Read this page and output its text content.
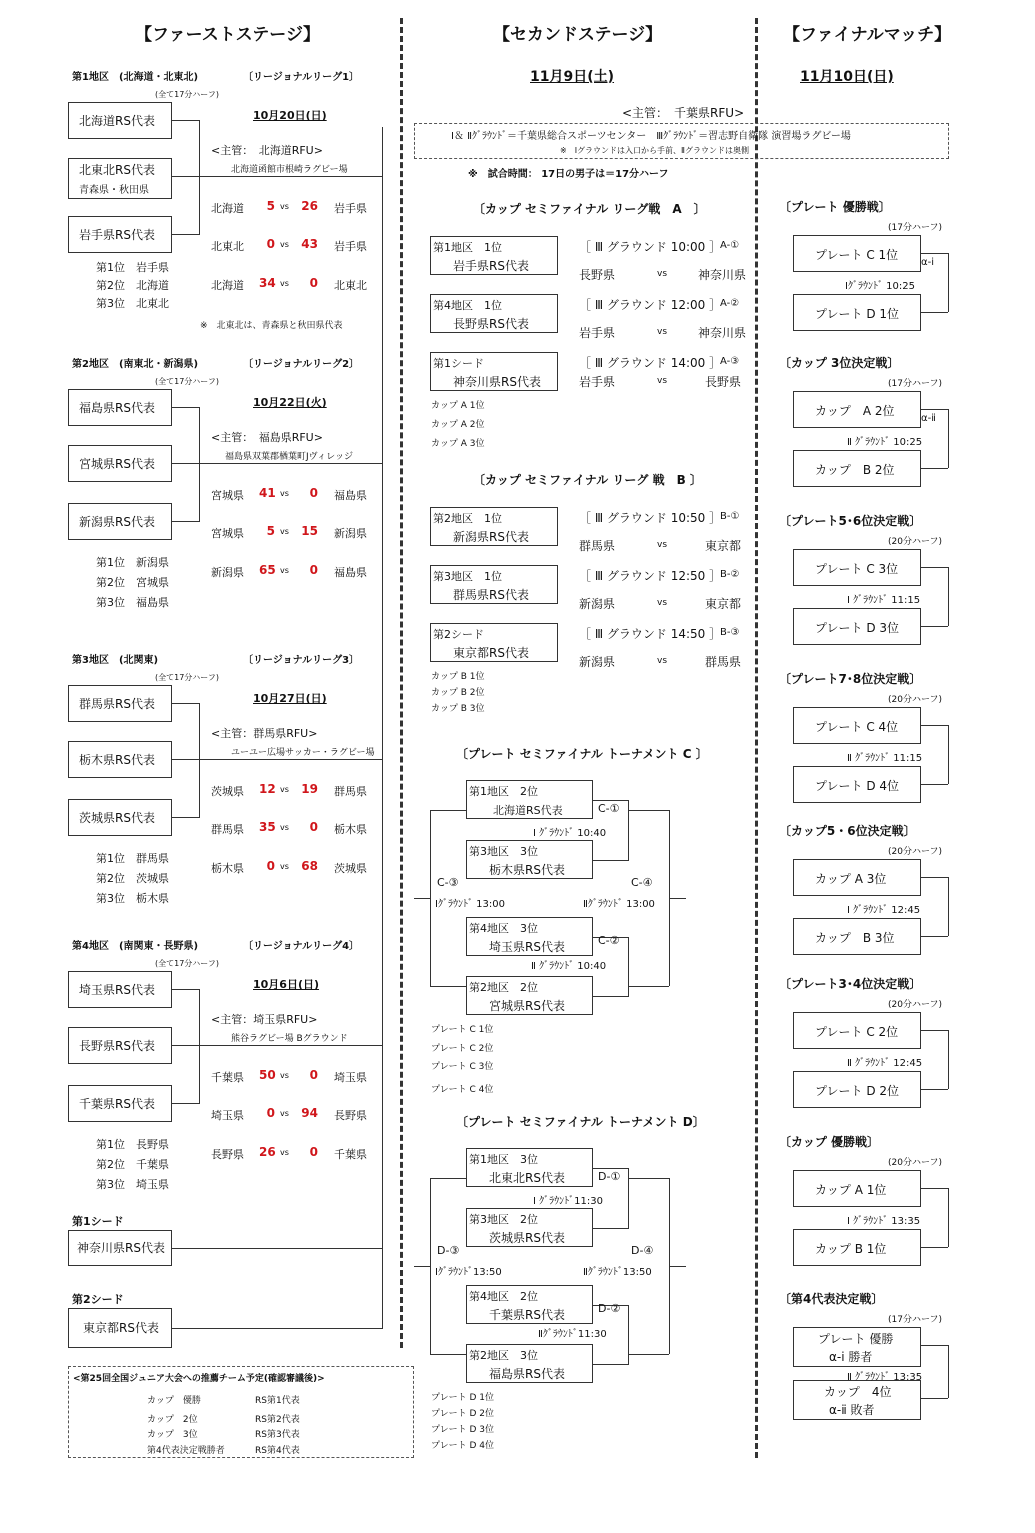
【ファーストステージ】	【セカンドステージ】	【ファイナルマッチ】
11月9日(土)	11月10日(日)
第1シード
神奈川県RS代表
第2シード
東京都RS代表
<第25回全国ジュニア大会への推薦チーム予定(確認審議後)>
カップ　優勝	RS第1代表
カップ　2位	RS第2代表
カップ　3位	RS第3代表
第4代表決定戦勝者	RS第4代表
<主管：　千葉県RFU>
Ⅰ＆ Ⅱｸﾞﾗｳﾝﾄﾞ＝千葉県総合スポーツセンター　Ⅲｸﾞﾗｳﾝﾄﾞ＝習志野自衛隊 演習場ラグビー場
※　Ⅰグラウンドは入口から手前、Ⅱグラウンドは奥側
※　試合時間： 17日の男子は＝17分ハーフ
第1地区　(北海道・北東北)	〔リージョナルリーグ1〕
(全て17分ハーフ)
北海道RS代表
北東北RS代表
青森県・秋田県
岩手県RS代表
10月20日(日)
<主管：　北海道RFU>
北海道函館市根崎ラグビー場
北海道	5 vs 26 岩手県
北東北	0 vs 43 岩手県
北海道 34 vs	0 北東北
第1位　岩手県
第2位　北海道
第3位　北東北
※　北東北は、青森県と秋田県代表
第2地区　(南東北・新潟県)	〔リージョナルリーグ2〕
(全て17分ハーフ)
福島県RS代表
宮城県RS代表
新潟県RS代表
10月22日(火)
<主管：　福島県RFU>
福島県双葉郡楢葉町Jヴィレッジ
宮城県 41 vs	0 福島県
宮城県	5 vs 15 新潟県
新潟県 65 vs	0 福島県
第1位　新潟県
第2位　宮城県
第3位　福島県
第3地区　(北関東)	〔リージョナルリーグ3〕
(全て17分ハーフ)
群馬県RS代表
栃木県RS代表
茨城県RS代表
10月27日(日)
<主管：群馬県RFU>
ユーユー広場サッカー・ラグビー場
茨城県 12 vs 19 群馬県
群馬県 35 vs	0 栃木県
栃木県	0 vs 68 茨城県
第1位　群馬県
第2位　茨城県
第3位　栃木県
第4地区　(南関東・長野県)	〔リージョナルリーグ4〕
(全て17分ハーフ)
埼玉県RS代表
長野県RS代表
千葉県RS代表
10月6日(日)
<主管：埼玉県RFU>
熊谷ラグビー場 Bグラウンド
千葉県 50 vs	0 埼玉県
埼玉県	0 vs 94 長野県
長野県 26 vs	0 千葉県
第1位　長野県
第2位　千葉県
第3位　埼玉県
〔カップ セミファイナル リーグ戦　A　〕
第1地区　1位
岩手県RS代表
［ Ⅲ グラウンド 10:00 ］
A-①
長野県	vs	神奈川県
第4地区　1位
長野県RS代表
［ Ⅲ グラウンド 12:00 ］
A-②
岩手県	vs	神奈川県
第1シード
神奈川県RS代表
［ Ⅲ グラウンド 14:00 ］
A-③
岩手県	vs	長野県
カップ A 1位
カップ A 2位
カップ A 3位
〔カップ セミファイナル リーグ 戦　B 〕
第2地区　1位
新潟県RS代表
［ Ⅲ グラウンド 10:50 ］
B-①
群馬県	vs	東京都
第3地区　1位
群馬県RS代表
［ Ⅲ グラウンド 12:50 ］
B-②
新潟県	vs	東京都
第2シード
東京都RS代表
［ Ⅲ グラウンド 14:50 ］
B-③
新潟県	vs	群馬県
カップ B 1位
カップ B 2位
カップ B 3位
〔プレート セミファイナル トーナメント C 〕
第1地区　2位
北海道RS代表
第3地区　3位
栃木県RS代表
第4地区　3位
埼玉県RS代表
第2地区　2位
宮城県RS代表
C-①
Ⅰ ｸﾞﾗｳﾝﾄﾞ 10:40
C-②
Ⅱ ｸﾞﾗｳﾝﾄﾞ 10:40
C-③
Ⅰｸﾞﾗｳﾝﾄﾞ 13:00
C-④
Ⅱｸﾞﾗｳﾝﾄﾞ 13:00
プレート C 1位
プレート C 2位
プレート C 3位
プレート C 4位
〔プレート セミファイナル トーナメント D〕
第1地区　3位
北東北RS代表
第3地区　2位
茨城県RS代表
第4地区　2位
千葉県RS代表
第2地区　3位
福島県RS代表
D-①
Ⅰ ｸﾞﾗｳﾝﾄﾞ11:30
D-②
Ⅱｸﾞﾗｳﾝﾄﾞ11:30
D-③
Ⅰｸﾞﾗｳﾝﾄﾞ13:50
D-④
Ⅱｸﾞﾗｳﾝﾄﾞ13:50
プレート D 1位
プレート D 2位
プレート D 3位
プレート D 4位
〔プレート 優勝戦〕
(17分ハーフ)
プレート C 1位
プレート D 1位
Ⅰｸﾞﾗｳﾝﾄﾞ 10:25
α-ⅰ
〔カップ 3位決定戦〕
(17分ハーフ)
カップ　A 2位
カップ　B 2位
Ⅱ ｸﾞﾗｳﾝﾄﾞ 10:25
α-ⅱ
〔プレート5･6位決定戦〕
(20分ハーフ)
プレート C 3位
プレート D 3位
Ⅰ ｸﾞﾗｳﾝﾄﾞ 11:15
〔プレート7･8位決定戦〕
(20分ハーフ)
プレート C 4位
プレート D 4位
Ⅱ ｸﾞﾗｳﾝﾄﾞ 11:15
〔カップ5・6位決定戦〕
(20分ハーフ)
カップ A 3位
カップ　B 3位
Ⅰ ｸﾞﾗｳﾝﾄﾞ 12:45
〔プレート3･4位決定戦〕
(20分ハーフ)
プレート C 2位
プレート D 2位
Ⅱ ｸﾞﾗｳﾝﾄﾞ 12:45
〔カップ 優勝戦〕
(20分ハーフ)
カップ A 1位
カップ B 1位
Ⅰ ｸﾞﾗｳﾝﾄﾞ 13:35
〔第4代表決定戦〕
(17分ハーフ)
プレート 優勝
α-ⅰ 勝者
カップ　4位
α-ⅱ 敗者
Ⅱ ｸﾞﾗｳﾝﾄﾞ 13:35
